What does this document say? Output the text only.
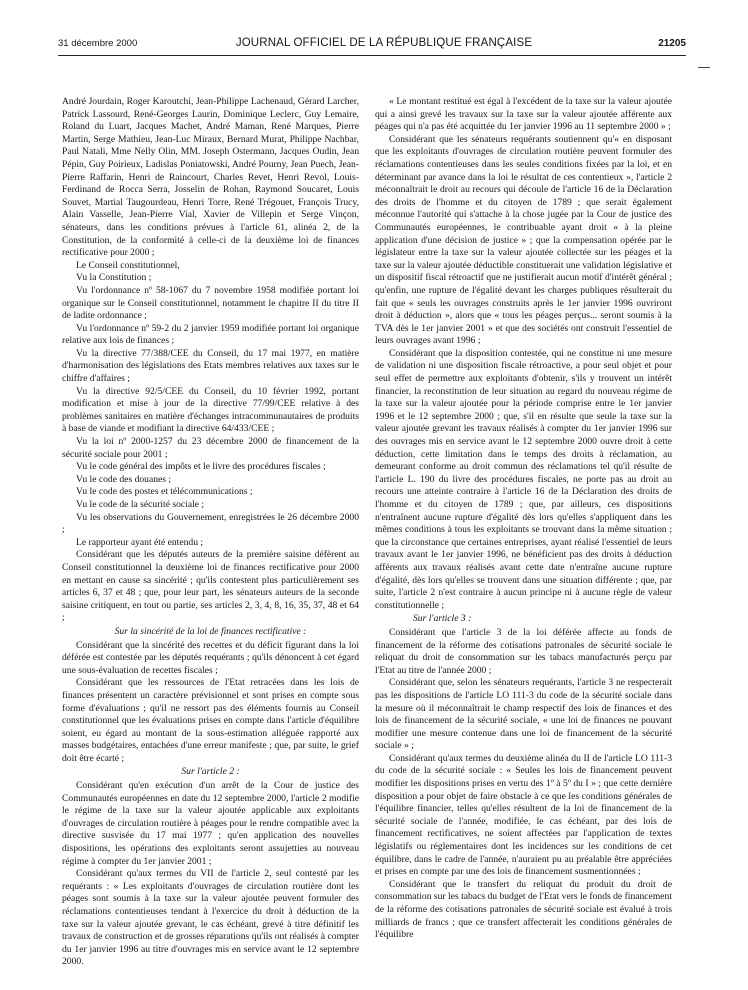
31 décembre 2000	JOURNAL OFFICIEL DE LA RÉPUBLIQUE FRANÇAISE	21205

André Jourdain, Roger Karoutchi, Jean-Philippe Lachenaud, Gérard Larcher, Patrick Lassourd, René-Georges Laurin, Dominique Leclerc, Guy Lemaire, Roland du Luart, Jacques Machet, André Maman, René Marques, Pierre Martin, Serge Mathieu, Jean-Luc Miraux, Bernard Murat, Philippe Nachbar, Paul Natali, Mme Nelly Olin, MM. Joseph Ostermann, Jacques Oudin, Jean Pépin, Guy Poirieux, Ladislas Poniatowski, André Pourny, Jean Puech, Jean-Pierre Raffarin, Henri de Raincourt, Charles Revet, Henri Revol, Louis-Ferdinand de Rocca Serra, Josselin de Rohan, Raymond Soucaret, Louis Souvet, Martial Taugourdeau, Henri Torre, René Trégouet, François Trucy, Alain Vasselle, Jean-Pierre Vial, Xavier de Villepin et Serge Vinçon, sénateurs, dans les conditions prévues à l'article 61, alinéa 2, de la Constitution, de la conformité à celle-ci de la deuxième loi de finances rectificative pour 2000 ;

Le Conseil constitutionnel,

Vu la Constitution ;

Vu l'ordonnance nº 58-1067 du 7 novembre 1958 modifiée portant loi organique sur le Conseil constitutionnel, notamment le chapitre II du titre II de ladite ordonnance ;

Vu l'ordonnance nº 59-2 du 2 janvier 1959 modifiée portant loi organique relative aux lois de finances ;

Vu la directive 77/388/CEE du Conseil, du 17 mai 1977, en matière d'harmonisation des législations des Etats membres relatives aux taxes sur le chiffre d'affaires ;

Vu la directive 92/5/CEE du Conseil, du 10 février 1992, portant modification et mise à jour de la directive 77/99/CEE relative à des problèmes sanitaires en matière d'échanges intracommunautaires de produits à base de viande et modifiant la directive 64/433/CEE ;

Vu la loi nº 2000-1257 du 23 décembre 2000 de financement de la sécurité sociale pour 2001 ;

Vu le code général des impôts et le livre des procédures fiscales ;

Vu le code des douanes ;

Vu le code des postes et télécommunications ;

Vu le code de la sécurité sociale ;

Vu les observations du Gouvernement, enregistrées le 26 décembre 2000 ;

Le rapporteur ayant été entendu ;

Considérant que les députés auteurs de la première saisine défèrent au Conseil constitutionnel la deuxième loi de finances rectificative pour 2000 en mettant en cause sa sincérité ; qu'ils contestent plus particulièrement ses articles 6, 37 et 48 ; que, pour leur part, les sénateurs auteurs de la seconde saisine critiquent, en tout ou partie, ses articles 2, 3, 4, 8, 16, 35, 37, 48 et 64 ;

Sur la sincérité de la loi de finances rectificative :

Considérant que la sincérité des recettes et du déficit figurant dans la loi déférée est contestée par les députés requérants ; qu'ils dénoncent à cet égard une sous-évaluation de recettes fiscales ;

Considérant que les ressources de l'Etat retracées dans les lois de finances présentent un caractère prévisionnel et sont prises en compte sous forme d'évaluations ; qu'il ne ressort pas des éléments fournis au Conseil constitutionnel que les évaluations prises en compte dans l'article d'équilibre soient, eu égard au montant de la sous-estimation alléguée rapporté aux masses budgétaires, entachées d'une erreur manifeste ; que, par suite, le grief doit être écarté ;

Sur l'article 2 :

Considérant qu'en exécution d'un arrêt de la Cour de justice des Communautés européennes en date du 12 septembre 2000, l'article 2 modifie le régime de la taxe sur la valeur ajoutée applicable aux exploitants d'ouvrages de circulation routière à péages pour le rendre compatible avec la directive susvisée du 17 mai 1977 ; qu'en application des nouvelles dispositions, les opérations des exploitants seront assujetties au nouveau régime à compter du 1er janvier 2001 ;

Considérant qu'aux termes du VII de l'article 2, seul contesté par les requérants : « Les exploitants d'ouvrages de circulation routière dont les péages sont soumis à la taxe sur la valeur ajoutée peuvent formuler des réclamations contentieuses tendant à l'exercice du droit à déduction de la taxe sur la valeur ajoutée grevant, le cas échéant, grevé à titre définitif les travaux de construction et de grosses réparations qu'ils ont réalisés à compter du 1er janvier 1996 au titre d'ouvrages mis en service avant le 12 septembre 2000.

« Le montant restitué est égal à l'excédent de la taxe sur la valeur ajoutée qui a ainsi grevé les travaux sur la taxe sur la valeur ajoutée afférente aux péages qui n'a pas été acquittée du 1er janvier 1996 au 11 septembre 2000 » ;

Considérant que les sénateurs requérants soutiennent qu'« en disposant que les exploitants d'ouvrages de circulation routière peuvent formuler des réclamations contentieuses dans les seules conditions fixées par la loi, et en déterminant par avance dans la loi le résultat de ces contentieux », l'article 2 méconnaîtrait le droit au recours qui découle de l'article 16 de la Déclaration des droits de l'homme et du citoyen de 1789 ; que serait également méconnue l'autorité qui s'attache à la chose jugée par la Cour de justice des Communautés européennes, le contribuable ayant droit « à la pleine application d'une décision de justice » ; que la compensation opérée par le législateur entre la taxe sur la valeur ajoutée collectée sur les péages et la taxe sur la valeur ajoutée déductible constituerait une validation législative et un dispositif fiscal rétroactif que ne justifierait aucun motif d'intérêt général ; qu'enfin, une rupture de l'égalité devant les charges publiques résulterait du fait que « seuls les ouvrages construits après le 1er janvier 1996 ouvriront droit à déduction », alors que « tous les péages perçus... seront soumis à la TVA dès le 1er janvier 2001 » et que des sociétés ont construit l'essentiel de leurs ouvrages avant 1996 ;

Considérant que la disposition contestée, qui ne constitue ni une mesure de validation ni une disposition fiscale rétroactive, a pour seul objet et pour seul effet de permettre aux exploitants d'obtenir, s'ils y trouvent un intérêt financier, la reconstitution de leur situation au regard du nouveau régime de la taxe sur la valeur ajoutée pour la période comprise entre le 1er janvier 1996 et le 12 septembre 2000 ; que, s'il en résulte que seule la taxe sur la valeur ajoutée grevant les travaux réalisés à compter du 1er janvier 1996 sur des ouvrages mis en service avant le 12 septembre 2000 ouvre droit à cette déduction, cette limitation dans le temps des droits à réclamation, au demeurant conforme au droit commun des réclamations tel qu'il résulte de l'article L. 190 du livre des procédures fiscales, ne porte pas au droit au recours une atteinte contraire à l'article 16 de la Déclaration des droits de l'homme et du citoyen de 1789 ; que, par ailleurs, ces dispositions n'entraînent aucune rupture d'égalité dès lors qu'elles s'appliquent dans les mêmes conditions à tous les exploitants se trouvant dans la même situation ; que la circonstance que certaines entreprises, ayant réalisé l'essentiel de leurs travaux avant le 1er janvier 1996, ne bénéficient pas des droits à déduction afférents aux travaux réalisés avant cette date n'entraîne aucune rupture d'égalité, dès lors qu'elles se trouvent dans une situation différente ; que, par suite, l'article 2 n'est contraire à aucun principe ni à aucune règle de valeur constitutionnelle ;

Sur l'article 3 :

Considérant que l'article 3 de la loi déférée affecte au fonds de financement de la réforme des cotisations patronales de sécurité sociale le reliquat du droit de consommation sur les tabacs manufacturés perçu par l'Etat au titre de l'année 2000 ;

Considérant que, selon les sénateurs requérants, l'article 3 ne respecterait pas les dispositions de l'article LO 111-3 du code de la sécurité sociale dans la mesure où il méconnaîtrait le champ respectif des lois de finances et des lois de financement de la sécurité sociale, « une loi de finances ne pouvant modifier une mesure contenue dans une loi de financement de la sécurité sociale » ;

Considérant qu'aux termes du deuxième alinéa du II de l'article LO 111-3 du code de la sécurité sociale : « Seules les lois de financement peuvent modifier les dispositions prises en vertu des 1º à 5º du I » ; que cette dernière disposition a pour objet de faire obstacle à ce que les conditions générales de l'équilibre financier, telles qu'elles résultent de la loi de financement de la sécurité sociale de l'année, modifiée, le cas échéant, par des lois de financement rectificatives, ne soient affectées par l'application de textes législatifs ou réglementaires dont les incidences sur les conditions de cet équilibre, dans le cadre de l'année, n'auraient pu au préalable être appréciées et prises en compte par une des lois de financement susmentionnées ;

Considérant que le transfert du reliquat du produit du droit de consommation sur les tabacs du budget de l'Etat vers le fonds de financement de la réforme des cotisations patronales de sécurité sociale est évalué à trois milliards de francs ; que ce transfert affecterait les conditions générales de l'équilibre
